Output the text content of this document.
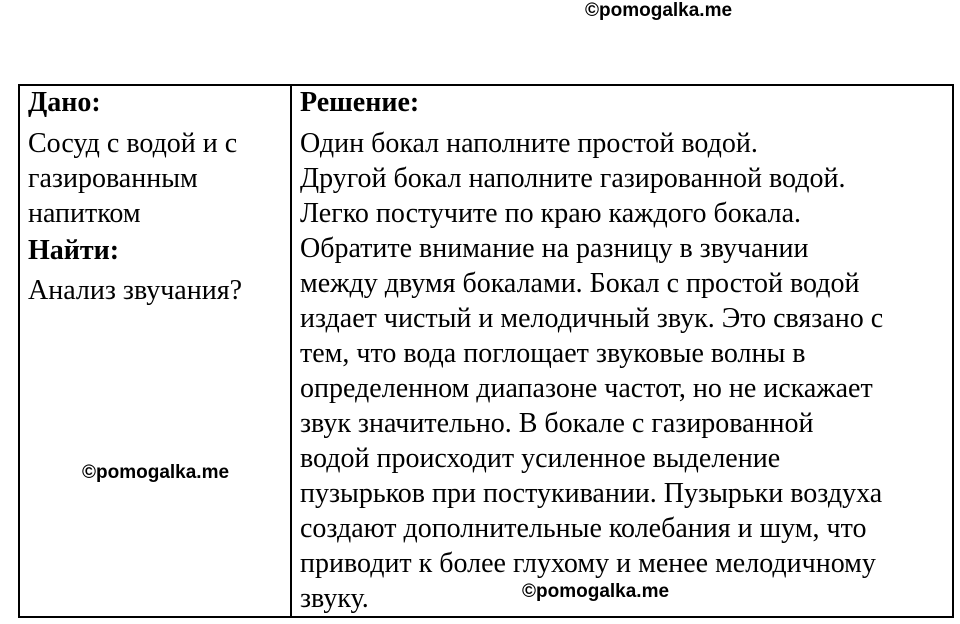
©pomogalka.me

Дано:

Сосуд с водой и с
газированным
напитком

Найти:

Анализ звучания?

Решение:

Один бокал наполните простой водой.
Другой бокал наполните газированной водой.
Легко постучите по краю каждого бокала.
Обратите внимание на разницу в звучании
между двумя бокалами. Бокал с простой водой
издает чистый и мелодичный звук. Это связано с
тем, что вода поглощает звуковые волны в
определенном диапазоне частот, но не искажает
звук значительно. В бокале с газированной
водой происходит усиленное выделение
пузырьков при постукивании. Пузырьки воздуха
создают дополнительные колебания и шум, что
приводит к более глухому и менее мелодичному
звуку.

©pomogalka.me
©pomogalka.me
